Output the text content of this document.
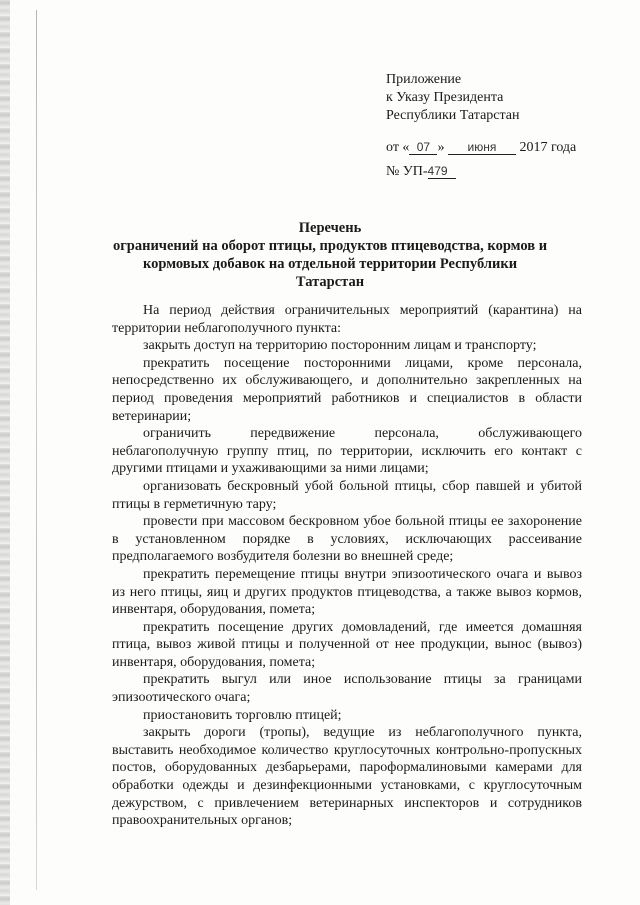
Приложение
к Указу Президента
Республики Татарстан
от « 07 » июня 2017 года
№ УП-479
Перечень
ограничений на оборот птицы, продуктов птицеводства, кормов и кормовых добавок на отдельной территории Республики Татарстан

На период действия ограничительных мероприятий (карантина) на территории неблагополучного пункта:

закрыть доступ на территорию посторонним лицам и транспорту;

прекратить посещение посторонними лицами, кроме персонала, непосредственно их обслуживающего, и дополнительно закрепленных на период проведения мероприятий работников и специалистов в области ветеринарии;

ограничить передвижение персонала, обслуживающего неблагополучную группу птиц, по территории, исключить его контакт с другими птицами и ухаживающими за ними лицами;

организовать бескровный убой больной птицы, сбор павшей и убитой птицы в герметичную тару;

провести при массовом бескровном убое больной птицы ее захоронение в установленном порядке в условиях, исключающих рассеивание предполагаемого возбудителя болезни во внешней среде;

прекратить перемещение птицы внутри эпизоотического очага и вывоз из него птицы, яиц и других продуктов птицеводства, а также вывоз кормов, инвентаря, оборудования, помета;

прекратить посещение других домовладений, где имеется домашняя птица, вывоз живой птицы и полученной от нее продукции, вынос (вывоз) инвентаря, оборудования, помета;

прекратить выгул или иное использование птицы за границами эпизоотического очага;

приостановить торговлю птицей;

закрыть дороги (тропы), ведущие из неблагополучного пункта, выставить необходимое количество круглосуточных контрольно-пропускных постов, оборудованных дезбарьерами, пароформалиновыми камерами для обработки одежды и дезинфекционными установками, с круглосуточным дежурством, с привлечением ветеринарных инспекторов и сотрудников правоохранительных органов;
